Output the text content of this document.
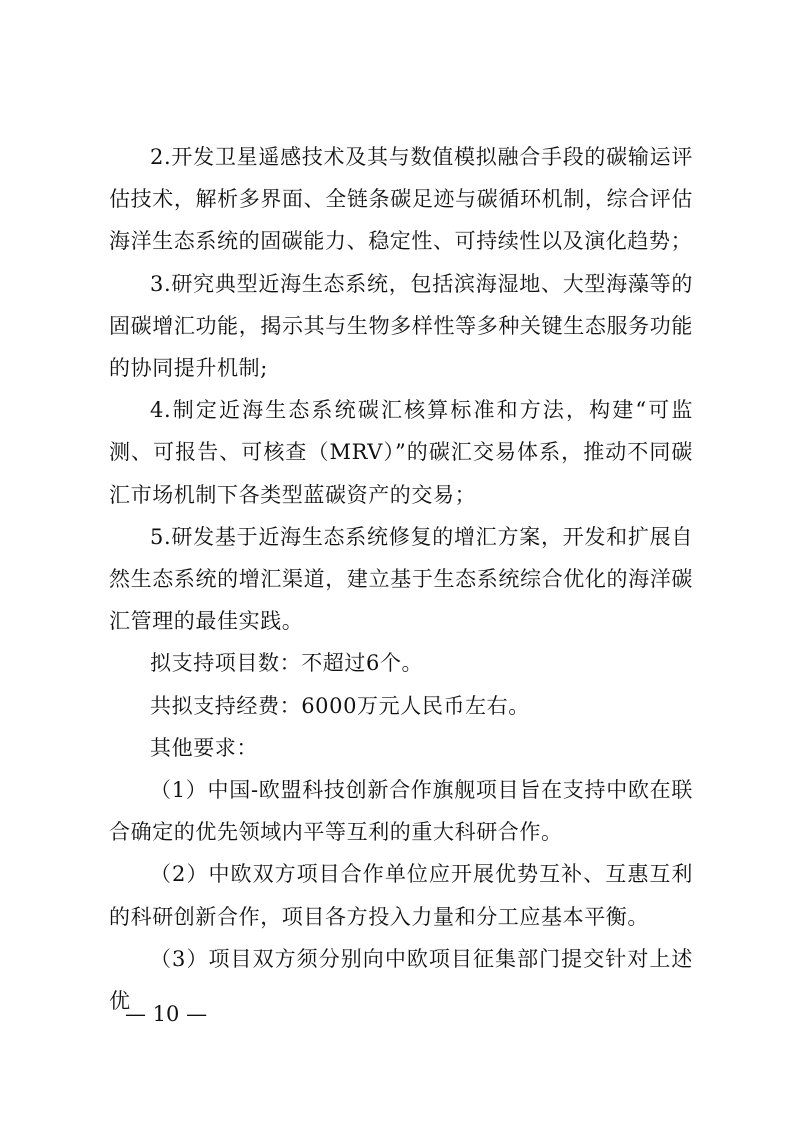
2.开发卫星遥感技术及其与数值模拟融合手段的碳输运评估技术，解析多界面、全链条碳足迹与碳循环机制，综合评估海洋生态系统的固碳能力、稳定性、可持续性以及演化趋势；

3.研究典型近海生态系统，包括滨海湿地、大型海藻等的固碳增汇功能，揭示其与生物多样性等多种关键生态服务功能的协同提升机制;

4.制定近海生态系统碳汇核算标准和方法，构建“可监测、可报告、可核查（MRV）”的碳汇交易体系，推动不同碳汇市场机制下各类型蓝碳资产的交易；

5.研发基于近海生态系统修复的增汇方案，开发和扩展自然生态系统的增汇渠道，建立基于生态系统综合优化的海洋碳汇管理的最佳实践。

拟支持项目数：不超过6个。

共拟支持经费：6000万元人民币左右。

其他要求：

（1）中国-欧盟科技创新合作旗舰项目旨在支持中欧在联合确定的优先领域内平等互利的重大科研合作。

（2）中欧双方项目合作单位应开展优势互补、互惠互利的科研创新合作，项目各方投入力量和分工应基本平衡。

（3）项目双方须分别向中欧项目征集部门提交针对上述优

— 10 —
